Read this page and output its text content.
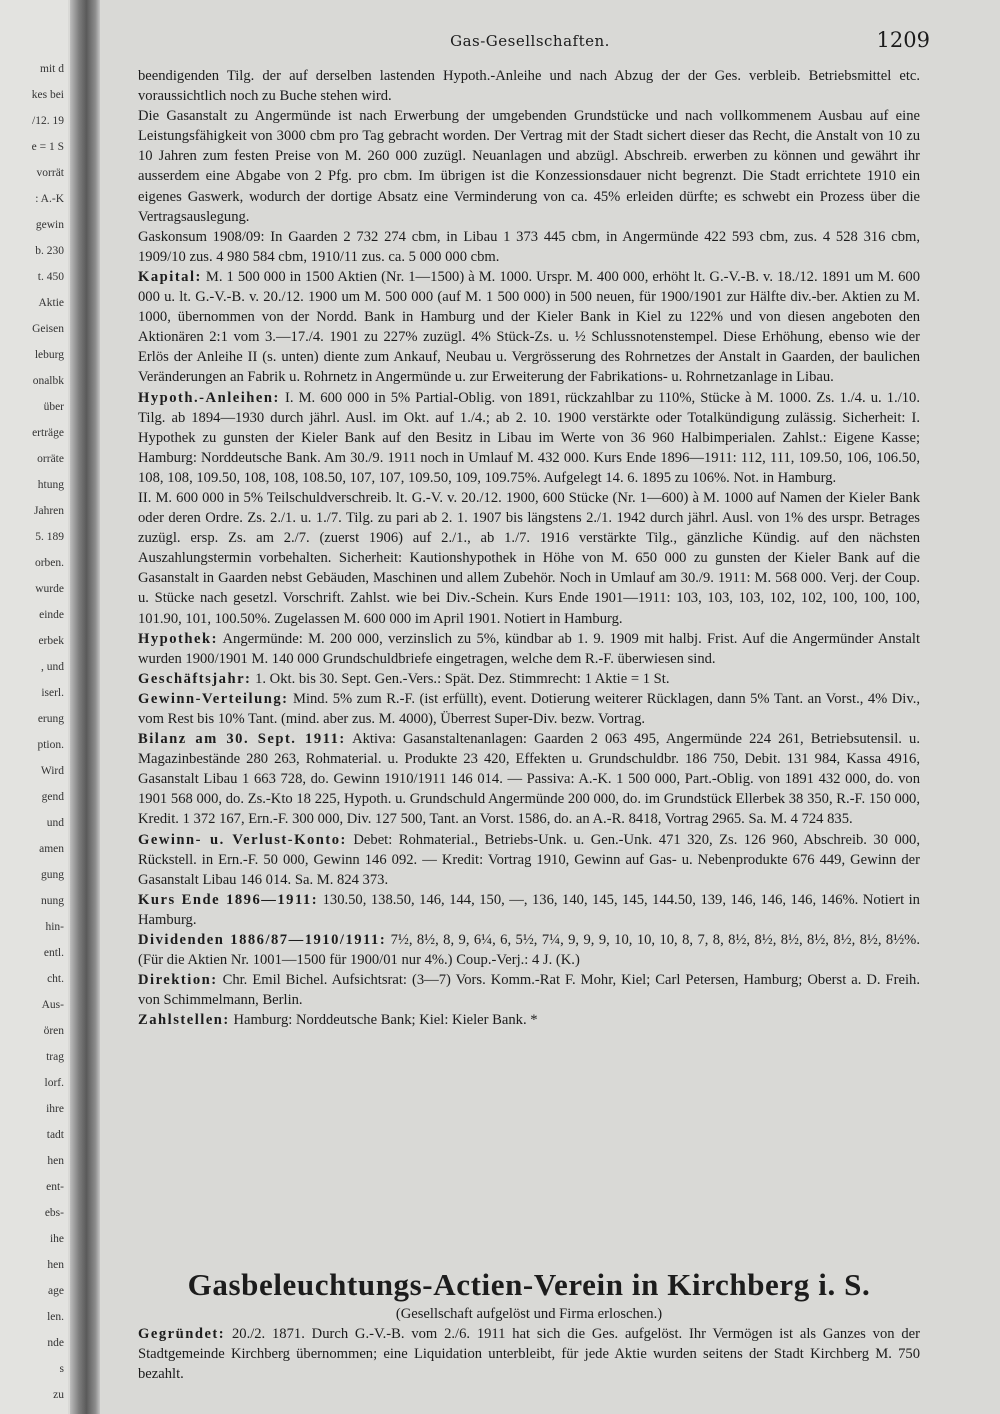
mit d
kes bei
/12. 19
e = 1 S
vorrät
: A.-K
gewin
b. 230
t. 450
Aktie
Geisen
leburg
onalbk
über
erträge
orräte
htung
Jahren
5. 189
orben.
wurde
einde
erbek
, und
iserl.
erung
ption.
Wird
gend
und
amen
gung
nung
hin-
entl.
cht.
Aus-
ören
trag
lorf.
ihre
tadt
hen
ent-
ebs-
ihe
hen
age
len.
nde
s
zu
Gas-Gesellschaften.	1209

beendigenden Tilg. der auf derselben lastenden Hypoth.-Anleihe und nach Abzug der der Ges. verbleib. Betriebsmittel etc. voraussichtlich noch zu Buche stehen wird.

Die Gasanstalt zu Angermünde ist nach Erwerbung der umgebenden Grundstücke und nach vollkommenem Ausbau auf eine Leistungsfähigkeit von 3000 cbm pro Tag gebracht worden. Der Vertrag mit der Stadt sichert dieser das Recht, die Anstalt von 10 zu 10 Jahren zum festen Preise von M. 260 000 zuzügl. Neuanlagen und abzügl. Abschreib. erwerben zu können und gewährt ihr ausserdem eine Abgabe von 2 Pfg. pro cbm. Im übrigen ist die Konzessionsdauer nicht begrenzt. Die Stadt errichtete 1910 ein eigenes Gaswerk, wodurch der dortige Absatz eine Verminderung von ca. 45% erleiden dürfte; es schwebt ein Prozess über die Vertragsauslegung.

Gaskonsum 1908/09: In Gaarden 2 732 274 cbm, in Libau 1 373 445 cbm, in Angermünde 422 593 cbm, zus. 4 528 316 cbm, 1909/10 zus. 4 980 584 cbm, 1910/11 zus. ca. 5 000 000 cbm.

Kapital: M. 1 500 000 in 1500 Aktien (Nr. 1—1500) à M. 1000. Urspr. M. 400 000, erhöht lt. G.-V.-B. v. 18./12. 1891 um M. 600 000 u. lt. G.-V.-B. v. 20./12. 1900 um M. 500 000 (auf M. 1 500 000) in 500 neuen, für 1900/1901 zur Hälfte div.-ber. Aktien zu M. 1000, übernommen von der Nordd. Bank in Hamburg und der Kieler Bank in Kiel zu 122% und von diesen angeboten den Aktionären 2:1 vom 3.—17./4. 1901 zu 227% zuzügl. 4% Stück-Zs. u. ½ Schlussnotenstempel. Diese Erhöhung, ebenso wie der Erlös der Anleihe II (s. unten) diente zum Ankauf, Neubau u. Vergrösserung des Rohrnetzes der Anstalt in Gaarden, der baulichen Veränderungen an Fabrik u. Rohrnetz in Angermünde u. zur Erweiterung der Fabrikations- u. Rohrnetzanlage in Libau.

Hypoth.-Anleihen: I. M. 600 000 in 5% Partial-Oblig. von 1891, rückzahlbar zu 110%, Stücke à M. 1000. Zs. 1./4. u. 1./10. Tilg. ab 1894—1930 durch jährl. Ausl. im Okt. auf 1./4.; ab 2. 10. 1900 verstärkte oder Totalkündigung zulässig. Sicherheit: I. Hypothek zu gunsten der Kieler Bank auf den Besitz in Libau im Werte von 36 960 Halbimperialen. Zahlst.: Eigene Kasse; Hamburg: Norddeutsche Bank. Am 30./9. 1911 noch in Umlauf M. 432 000. Kurs Ende 1896—1911: 112, 111, 109.50, 106, 106.50, 108, 108, 109.50, 108, 108, 108.50, 107, 107, 109.50, 109, 109.75%. Aufgelegt 14. 6. 1895 zu 106%. Not. in Hamburg.

II. M. 600 000 in 5% Teilschuldverschreib. lt. G.-V. v. 20./12. 1900, 600 Stücke (Nr. 1—600) à M. 1000 auf Namen der Kieler Bank oder deren Ordre. Zs. 2./1. u. 1./7. Tilg. zu pari ab 2. 1. 1907 bis längstens 2./1. 1942 durch jährl. Ausl. von 1% des urspr. Betrages zuzügl. ersp. Zs. am 2./7. (zuerst 1906) auf 2./1., ab 1./7. 1916 verstärkte Tilg., gänzliche Kündig. auf den nächsten Auszahlungstermin vorbehalten. Sicherheit: Kautionshypothek in Höhe von M. 650 000 zu gunsten der Kieler Bank auf die Gasanstalt in Gaarden nebst Gebäuden, Maschinen und allem Zubehör. Noch in Umlauf am 30./9. 1911: M. 568 000. Verj. der Coup. u. Stücke nach gesetzl. Vorschrift. Zahlst. wie bei Div.-Schein. Kurs Ende 1901—1911: 103, 103, 103, 102, 102, 100, 100, 100, 101.90, 101, 100.50%. Zugelassen M. 600 000 im April 1901. Notiert in Hamburg.

Hypothek: Angermünde: M. 200 000, verzinslich zu 5%, kündbar ab 1. 9. 1909 mit halbj. Frist. Auf die Angermünder Anstalt wurden 1900/1901 M. 140 000 Grundschuldbriefe eingetragen, welche dem R.-F. überwiesen sind.

Geschäftsjahr: 1. Okt. bis 30. Sept. Gen.-Vers.: Spät. Dez. Stimmrecht: 1 Aktie = 1 St.

Gewinn-Verteilung: Mind. 5% zum R.-F. (ist erfüllt), event. Dotierung weiterer Rücklagen, dann 5% Tant. an Vorst., 4% Div., vom Rest bis 10% Tant. (mind. aber zus. M. 4000), Überrest Super-Div. bezw. Vortrag.

Bilanz am 30. Sept. 1911: Aktiva: Gasanstaltenanlagen: Gaarden 2 063 495, Angermünde 224 261, Betriebsutensil. u. Magazinbestände 280 263, Rohmaterial. u. Produkte 23 420, Effekten u. Grundschuldbr. 186 750, Debit. 131 984, Kassa 4916, Gasanstalt Libau 1 663 728, do. Gewinn 1910/1911 146 014. — Passiva: A.-K. 1 500 000, Part.-Oblig. von 1891 432 000, do. von 1901 568 000, do. Zs.-Kto 18 225, Hypoth. u. Grundschuld Angermünde 200 000, do. im Grundstück Ellerbek 38 350, R.-F. 150 000, Kredit. 1 372 167, Ern.-F. 300 000, Div. 127 500, Tant. an Vorst. 1586, do. an A.-R. 8418, Vortrag 2965. Sa. M. 4 724 835.

Gewinn- u. Verlust-Konto: Debet: Rohmaterial., Betriebs-Unk. u. Gen.-Unk. 471 320, Zs. 126 960, Abschreib. 30 000, Rückstell. in Ern.-F. 50 000, Gewinn 146 092. — Kredit: Vortrag 1910, Gewinn auf Gas- u. Nebenprodukte 676 449, Gewinn der Gasanstalt Libau 146 014. Sa. M. 824 373.

Kurs Ende 1896—1911: 130.50, 138.50, 146, 144, 150, —, 136, 140, 145, 145, 144.50, 139, 146, 146, 146, 146%. Notiert in Hamburg.

Dividenden 1886/87—1910/1911: 7½, 8½, 8, 9, 6¼, 6, 5½, 7¼, 9, 9, 9, 10, 10, 10, 8, 7, 8, 8½, 8½, 8½, 8½, 8½, 8½, 8½%. (Für die Aktien Nr. 1001—1500 für 1900/01 nur 4%.) Coup.-Verj.: 4 J. (K.)

Direktion: Chr. Emil Bichel. Aufsichtsrat: (3—7) Vors. Komm.-Rat F. Mohr, Kiel; Carl Petersen, Hamburg; Oberst a. D. Freih. von Schimmelmann, Berlin.

Zahlstellen: Hamburg: Norddeutsche Bank; Kiel: Kieler Bank. *

Gasbeleuchtungs-Actien-Verein in Kirchberg i. S.

(Gesellschaft aufgelöst und Firma erloschen.)

Gegründet: 20./2. 1871. Durch G.-V.-B. vom 2./6. 1911 hat sich die Ges. aufgelöst. Ihr Vermögen ist als Ganzes von der Stadtgemeinde Kirchberg übernommen; eine Liquidation unterbleibt, für jede Aktie wurden seitens der Stadt Kirchberg M. 750 bezahlt.
